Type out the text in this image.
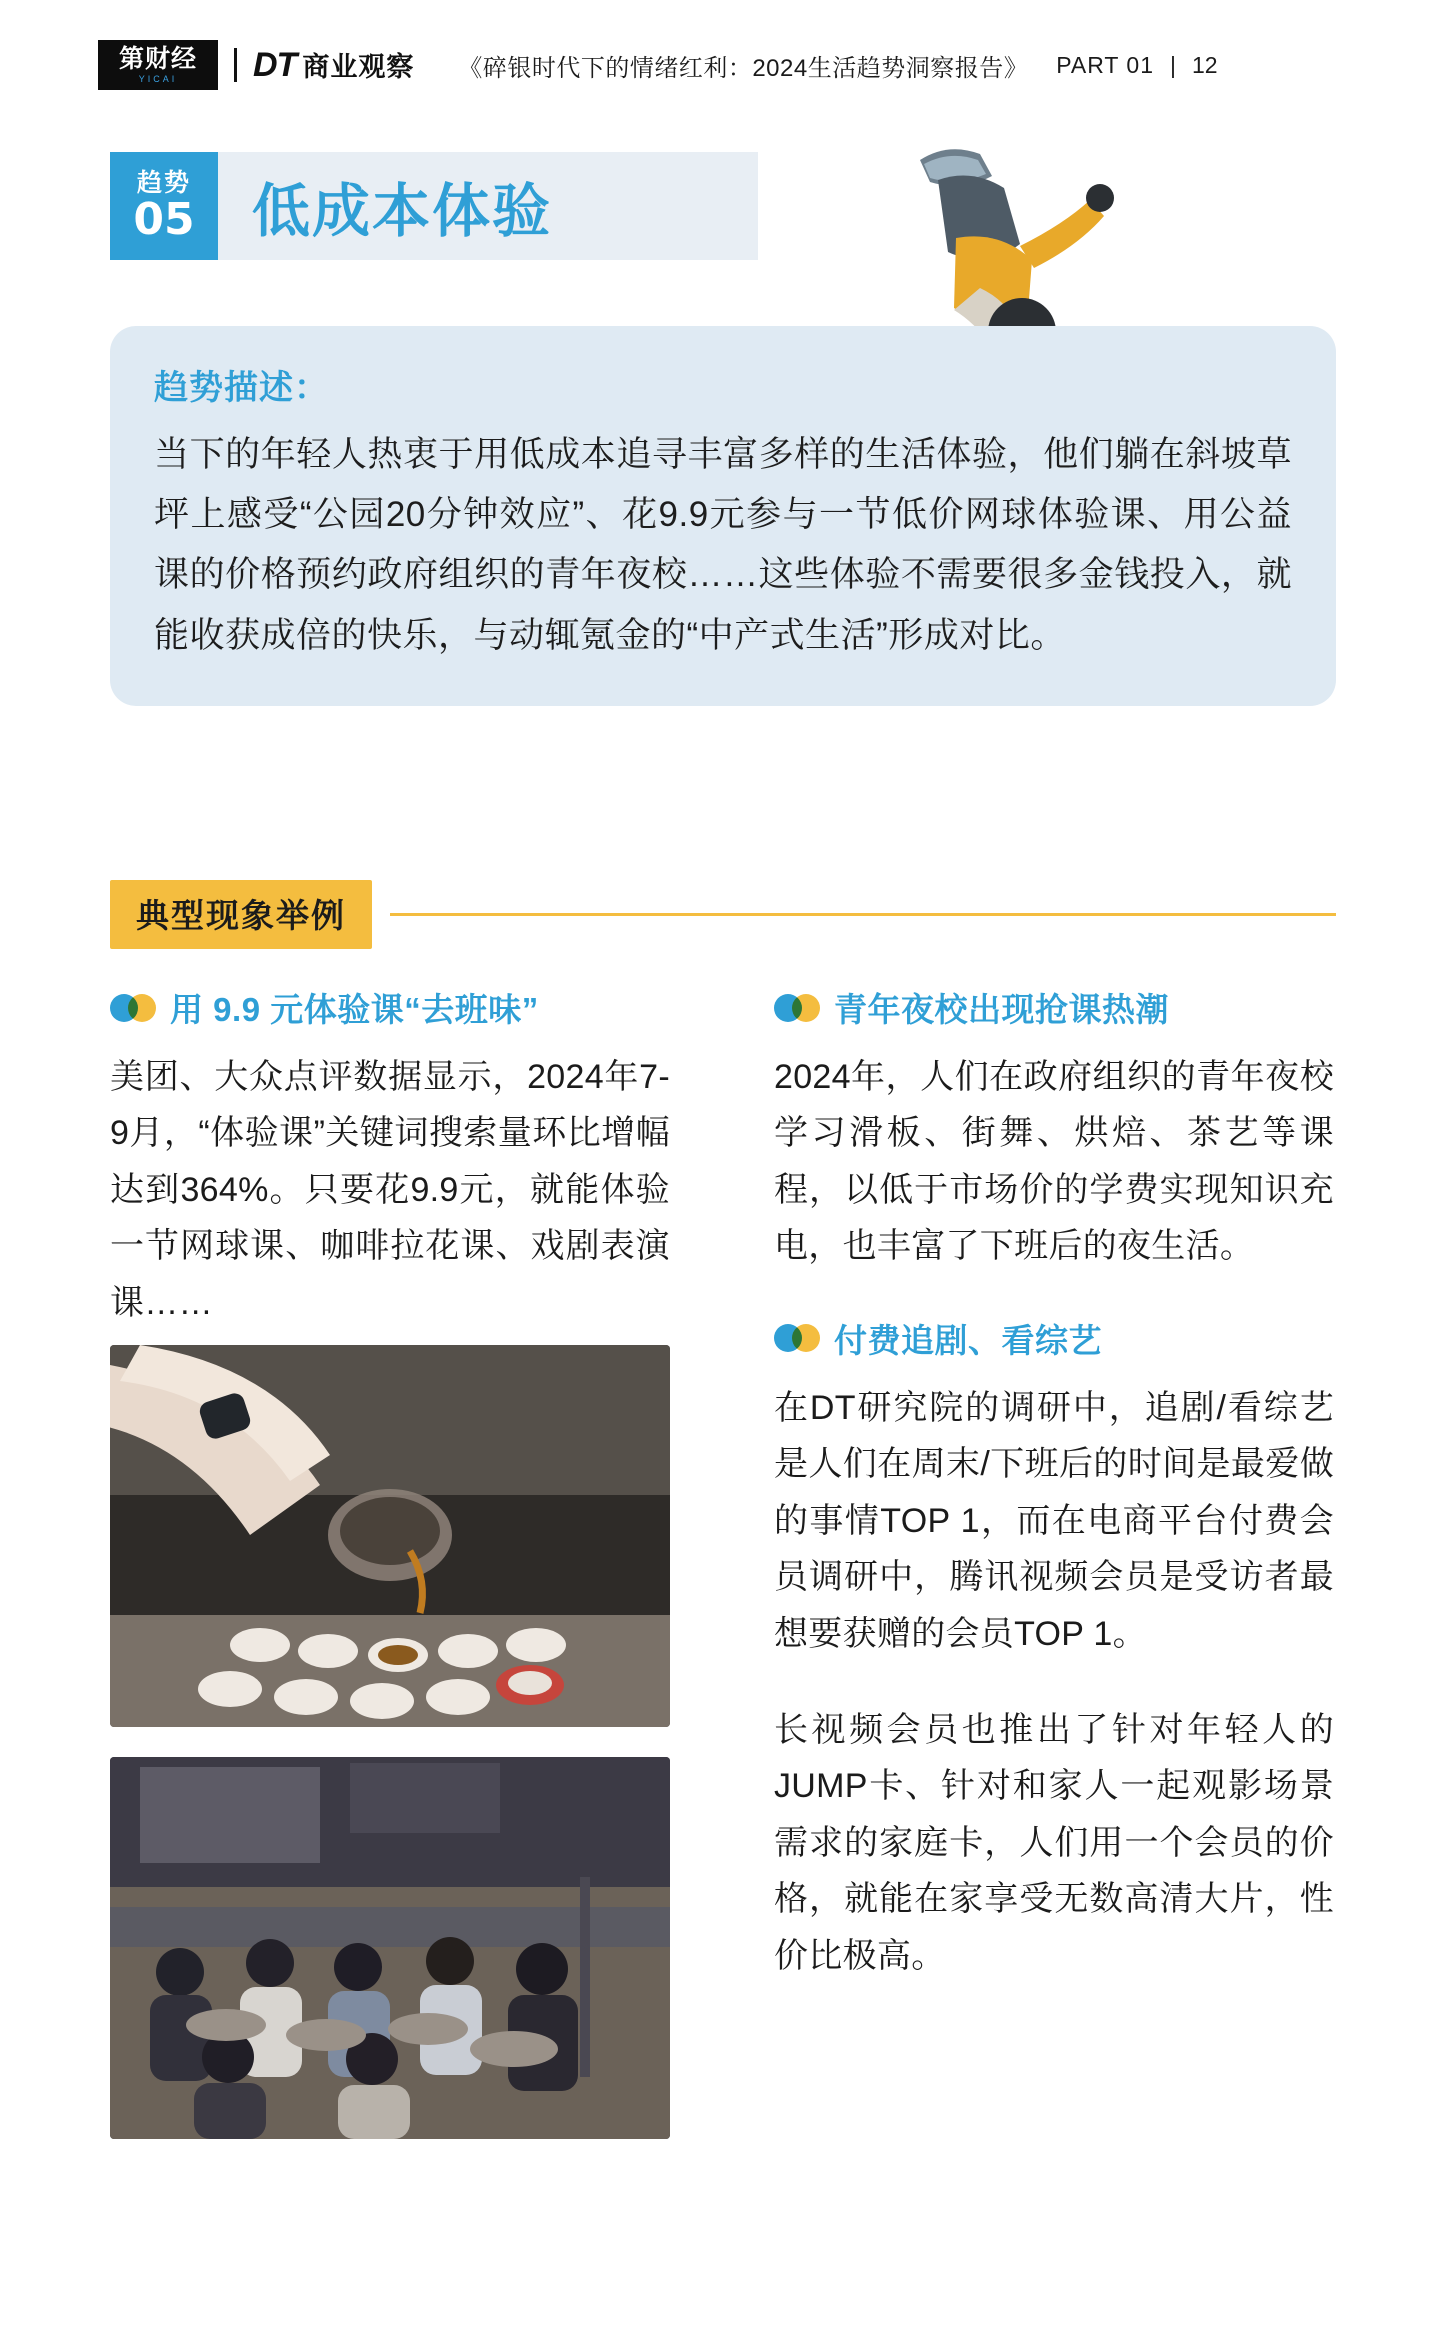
第财经
YICAI DT 商业观察 《碎银时代下的情绪红利：2024生活趋势洞察报告》 PART 01 | 12
趋势
05 低成本体验
趋势描述：
当下的年轻人热衷于用低成本追寻丰富多样的生活体验，他们躺在斜坡草坪上感受“公园20分钟效应”、花9.9元参与一节低价网球体验课、用公益课的价格预约政府组织的青年夜校……这些体验不需要很多金钱投入，就能收获成倍的快乐，与动辄氪金的“中产式生活”形成对比。
典型现象举例
用 9.9 元体验课“去班味”
美团、大众点评数据显示，2024年7-9月，“体验课”关键词搜索量环比增幅达到364%。只要花9.9元，就能体验一节网球课、咖啡拉花课、戏剧表演课……
青年夜校出现抢课热潮
2024年，人们在政府组织的青年夜校学习滑板、街舞、烘焙、茶艺等课程，以低于市场价的学费实现知识充电，也丰富了下班后的夜生活。
付费追剧、看综艺
在DT研究院的调研中，追剧/看综艺是人们在周末/下班后的时间是最爱做的事情TOP 1，而在电商平台付费会员调研中，腾讯视频会员是受访者最想要获赠的会员TOP 1。
长视频会员也推出了针对年轻人的JUMP卡、针对和家人一起观影场景需求的家庭卡，人们用一个会员的价格，就能在家享受无数高清大片，性价比极高。
